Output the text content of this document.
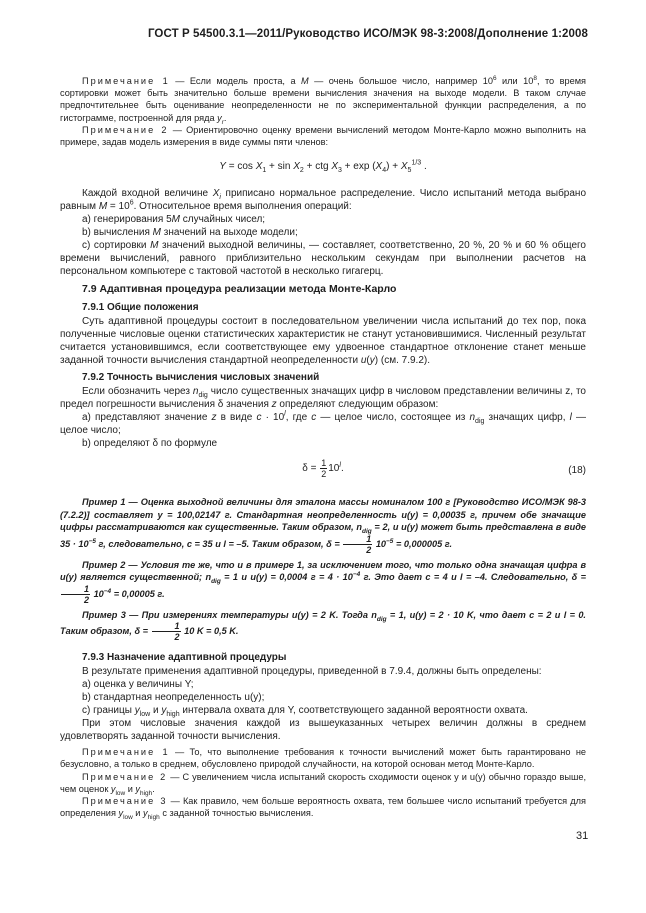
ГОСТ Р 54500.3.1—2011/Руководство ИСО/МЭК 98-3:2008/Дополнение 1:2008

Примечание 1 — Если модель проста, а M — очень большое число, например $10^6$ или $10^8$, то время сортировки может быть значительно больше времени вычисления значения на выходе модели. В таком случае предпочтительнее быть оценивание неопределенности не по экспериментальной функции распределения, а по гистограмме, построенной для ряда $y_r$.

Примечание 2 — Ориентировочно оценку времени вычислений методом Монте-Карло можно выполнить на примере, задав модель измерения в виде суммы пяти членов:

$Y = \cos X_1 + \sin X_2$ + ctg $X_3 + \exp (X_4) + X_5^{1/3}$ .

Каждой входной величине $X_i$ приписано нормальное распределение. Число испытаний метода выбрано равным $M = 10^6$. Относительное время выполнения операций:

а) генерирования 5M случайных чисел;

b) вычисления M значений на выходе модели;

c) сортировки M значений выходной величины, — составляет, соответственно, 20 %, 20 % и 60 % общего времени вычислений, равного приблизительно нескольким секундам при выполнении расчетов на персональном компьютере с тактовой частотой в несколько гигагерц.

7.9 Адаптивная процедура реализации метода Монте-Карло
7.9.1 Общие положения

Суть адаптивной процедуры состоит в последовательном увеличении числа испытаний до тех пор, пока полученные числовые оценки статистических характеристик не станут установившимися. Численный результат считается установившимся, если соответствующее ему удвоенное стандартное отклонение станет меньше заданной точности вычисления стандартной неопределенности u(y) (см. 7.9.2).

7.9.2 Точность вычисления числовых значений

Если обозначить через $n_{dig}$ число существенных значащих цифр в числовом представлении величины z, то предел погрешности вычисления δ значения z определяют следующим образом:

а) представляют значение z в виде $c \cdot 10^l$, где c — целое число, состоящее из $n_{dig}$ значащих цифр, l — целое число;

b) определяют δ по формуле

$\delta = \frac{1}{2} 10^l$.	(18)

Пример 1 — Оценка выходной величины для эталона массы номиналом 100 г [Руководство ИСО/МЭК 98-3 (7.2.2)] составляет y = 100,02147 г. Стандартная неопределенность u(y) = 0,00035 г, причем обе значащие цифры рассматриваются как существенные. Таким образом, $n_{dig} = 2$, и u(y) может быть представлена в виде $35 \cdot 10^{-5}$ г, следовательно, c = 35 и l = –5. Таким образом, $\delta = \frac{1}{2} 10^{-5} = 0,000005$ г.

Пример 2 — Условия те же, что и в примере 1, за исключением того, что только одна значащая цифра в u(y) является существенной; $n_{dig} = 1$ и u(y) = 0,0004 $г = 4 \cdot 10^{-4}$ г. Это дает c = 4 и l = –4. Следовательно, δ =
$\frac{1}{2} 10^{-4} = 0,00005$ г.

Пример 3 — При измерениях температуры u(y) = 2 K. Тогда $n_{dig} = 1$, u(y) = 2 · 10 K, что дает c = 2 и l = 0. Таким образом, $\delta = \frac{1}{2} 10$ K = 0,5 K.

7.9.3 Назначение адаптивной процедуры

В результате применения адаптивной процедуры, приведенной в 7.9.4, должны быть определены:

а) оценка y величины Y;

b) стандартная неопределенность u(y);

c) границы $y_{low}$ и $y_{high}$ интервала охвата для Y, соответствующего заданной вероятности охвата.

При этом числовые значения каждой из вышеуказанных четырех величин должны в среднем удовлетворять заданной точности вычисления.

Примечание 1 — То, что выполнение требования к точности вычислений может быть гарантировано не безусловно, а только в среднем, обусловлено природой случайности, на которой основан метод Монте-Карло.

Примечание 2 — С увеличением числа испытаний скорость сходимости оценок y и u(y) обычно гораздо выше, чем оценок $y_{low}$ и $y_{high}$.

Примечание 3 — Как правило, чем больше вероятность охвата, тем большее число испытаний требуется для определения $y_{low}$ и $y_{high}$ с заданной точностью вычисления.

31
